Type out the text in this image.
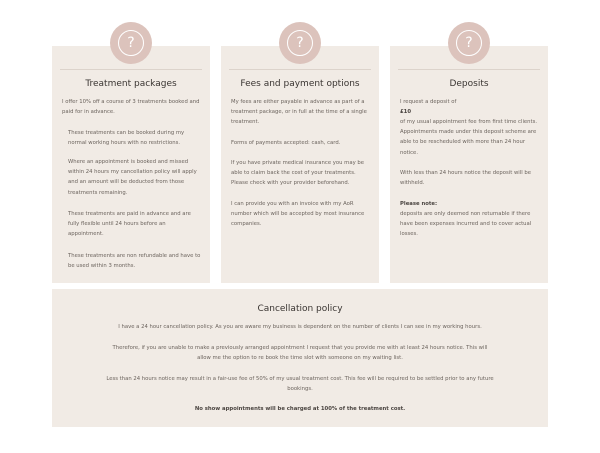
Treatment packages

I offer 10% off a course of 3 treatments booked and paid for in advance.

These treatments can be booked during my normal working hours with no restrictions.

Where an appointment is booked and missed within 24 hours my cancellation policy will apply and an amount will be deducted from those treatments remaining.

These treatments are paid in advance and are fully flexible until 24 hours before an appointment.

These treatments are non refundable and have to be used within 3 months.

Fees and payment options

My fees are either payable in advance as part of a treatment package, or in full at the time of a single treatment.

Forms of payments accepted: cash, card.

If you have private medical insurance you may be able to claim back the cost of your treatments. Please check with your provider beforehand.

I can provide you with an invoice with my AoR number which will be accepted by most insurance companies.

Deposits

I request a deposit of

£10

of my usual appointment fee from first time clients. Appointments made under this deposit scheme are able to be rescheduled with more than 24 hour notice.

With less than 24 hours notice the deposit will be withheld.

Please note:

deposits are only deemed non returnable if there have been expenses incurred and to cover actual losses.

?	?	?
Cancellation policy

I have a 24 hour cancellation policy. As you are aware my business is dependent on the number of clients I can see in my working hours.

Therefore, if you are unable to make a previously arranged appointment I request that you provide me with at least 24 hours notice. This will allow me the option to re book the time slot with someone on my waiting list.

Less than 24 hours notice may result in a fair-use fee of 50% of my usual treatment cost. This fee will be required to be settled prior to any future bookings.

No show appointments will be charged at 100% of the treatment cost.
